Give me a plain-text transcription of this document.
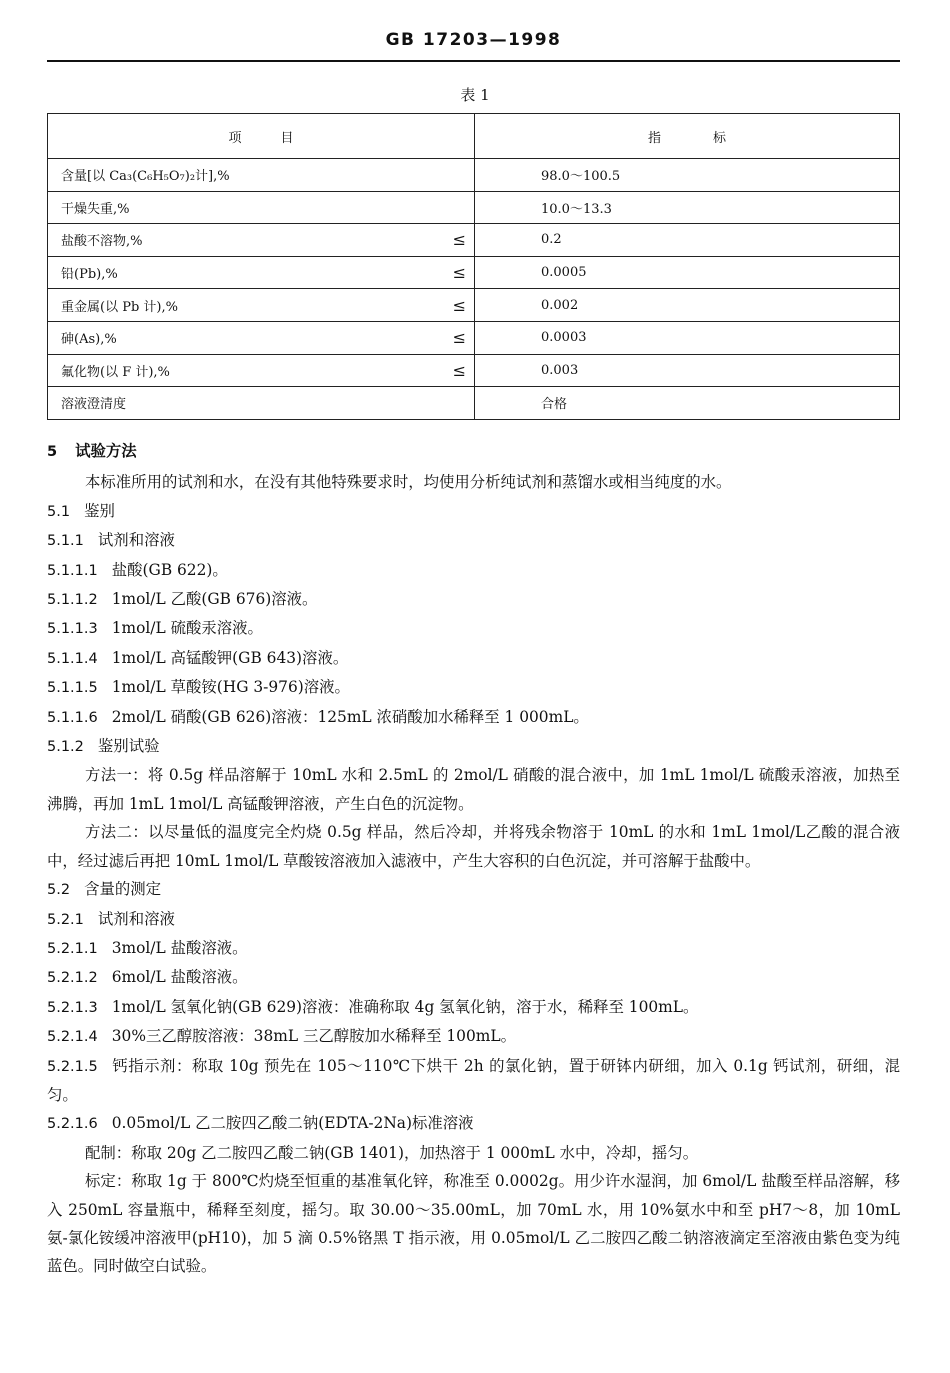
GB 17203—1998
表 1
项　　　目	指　　　　标

含量[以 Ca₃(C₆H₅O₇)₂计],%	98.0～100.5

干燥失重,%	10.0～13.3

盐酸不溶物,% ≤	0.2

铅(Pb),% ≤	0.0005

重金属(以 Pb 计),% ≤	0.002

砷(As),% ≤	0.0003

氟化物(以 F 计),% ≤	0.003

溶液澄清度	合格
5 试验方法
本标准所用的试剂和水，在没有其他特殊要求时，均使用分析纯试剂和蒸馏水或相当纯度的水。
5.1 鉴别
5.1.1 试剂和溶液
5.1.1.1 盐酸(GB 622)。
5.1.1.2 1mol/L 乙酸(GB 676)溶液。
5.1.1.3 1mol/L 硫酸汞溶液。
5.1.1.4 1mol/L 高锰酸钾(GB 643)溶液。
5.1.1.5 1mol/L 草酸铵(HG 3-976)溶液。
5.1.1.6 2mol/L 硝酸(GB 626)溶液：125mL 浓硝酸加水稀释至 1 000mL。
5.1.2 鉴别试验
方法一：将 0.5g 样品溶解于 10mL 水和 2.5mL 的 2mol/L 硝酸的混合液中，加 1mL 1mol/L 硫酸汞溶液，加热至沸腾，再加 1mL 1mol/L 高锰酸钾溶液，产生白色的沉淀物。
方法二：以尽量低的温度完全灼烧 0.5g 样品，然后冷却，并将残余物溶于 10mL 的水和 1mL 1mol/L乙酸的混合液中，经过滤后再把 10mL 1mol/L 草酸铵溶液加入滤液中，产生大容积的白色沉淀，并可溶解于盐酸中。
5.2 含量的测定
5.2.1 试剂和溶液
5.2.1.1 3mol/L 盐酸溶液。
5.2.1.2 6mol/L 盐酸溶液。
5.2.1.3 1mol/L 氢氧化钠(GB 629)溶液：准确称取 4g 氢氧化钠，溶于水，稀释至 100mL。
5.2.1.4 30%三乙醇胺溶液：38mL 三乙醇胺加水稀释至 100mL。
5.2.1.5 钙指示剂：称取 10g 预先在 105～110℃下烘干 2h 的氯化钠，置于研钵内研细，加入 0.1g 钙试剂，研细，混匀。
5.2.1.6 0.05mol/L 乙二胺四乙酸二钠(EDTA-2Na)标准溶液
配制：称取 20g 乙二胺四乙酸二钠(GB 1401)，加热溶于 1 000mL 水中，冷却，摇匀。
标定：称取 1g 于 800℃灼烧至恒重的基准氧化锌，称准至 0.0002g。用少许水湿润，加 6mol/L 盐酸至样品溶解，移入 250mL 容量瓶中，稀释至刻度，摇匀。取 30.00～35.00mL，加 70mL 水，用 10%氨水中和至 pH7～8，加 10mL 氨-氯化铵缓冲溶液甲(pH10)，加 5 滴 0.5%铬黑 T 指示液，用 0.05mol/L 乙二胺四乙酸二钠溶液滴定至溶液由紫色变为纯蓝色。同时做空白试验。
